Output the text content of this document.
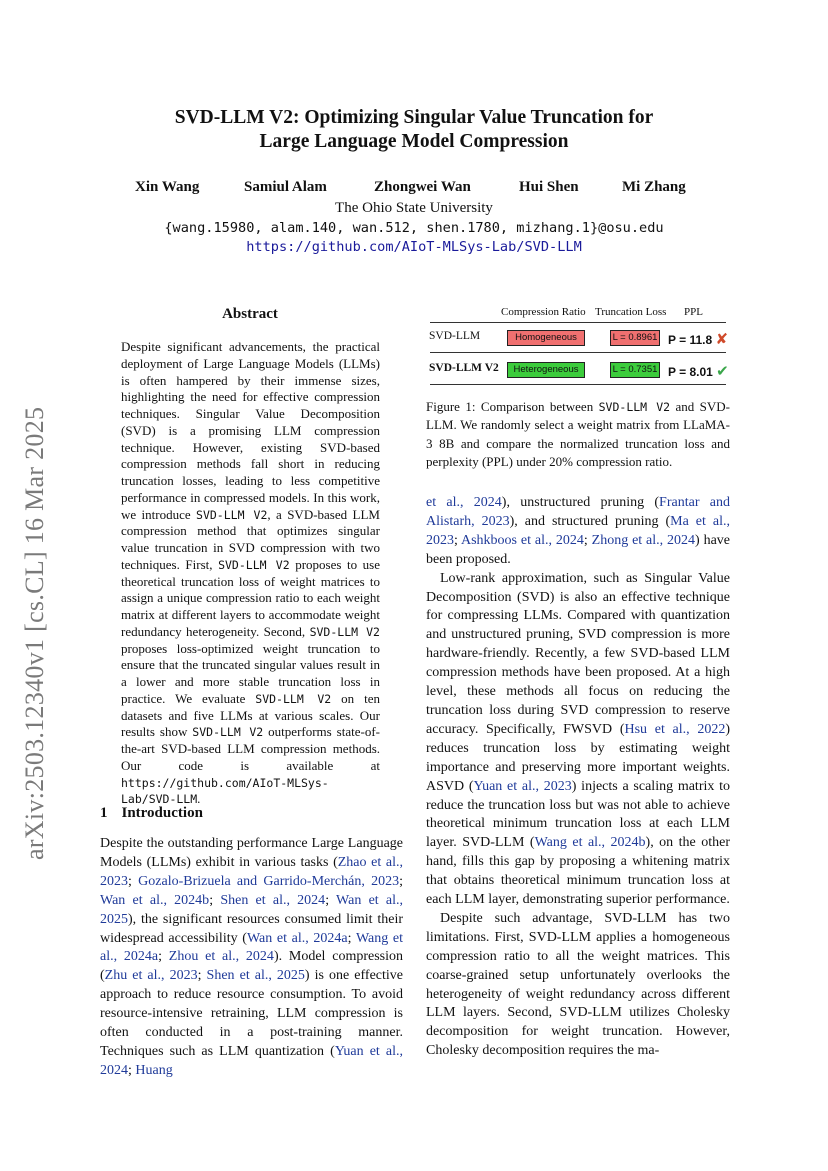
arXiv:2503.12340v1 [cs.CL] 16 Mar 2025
SVD-LLM V2: Optimizing Singular Value Truncation for
Large Language Model Compression
Xin Wang	Samiul Alam	Zhongwei Wan	Hui Shen	Mi Zhang
The Ohio State University
{wang.15980, alam.140, wan.512, shen.1780, mizhang.1}@osu.edu
https://github.com/AIoT-MLSys-Lab/SVD-LLM
Abstract
Despite significant advancements, the practical deployment of Large Language Models (LLMs) is often hampered by their immense sizes, highlighting the need for effective compression techniques. Singular Value Decomposition (SVD) is a promising LLM compression technique. However, existing SVD-based compression methods fall short in reducing truncation losses, leading to less competitive performance in compressed models. In this work, we introduce SVD-LLM V2, a SVD-based LLM compression method that optimizes singular value truncation in SVD compression with two techniques. First, SVD-LLM V2 proposes to use theoretical truncation loss of weight matrices to assign a unique compression ratio to each weight matrix at different layers to accommodate weight redundancy heterogeneity. Second, SVD-LLM V2 proposes loss-optimized weight truncation to ensure that the truncated singular values result in a lower and more stable truncation loss in practice. We evaluate SVD-LLM V2 on ten datasets and five LLMs at various scales. Our results show SVD-LLM V2 outperforms state-of-the-art SVD-based LLM compression methods. Our code is available at https://github.com/AIoT-MLSys-Lab/SVD-LLM.
1 Introduction

Despite the outstanding performance Large Language Models (LLMs) exhibit in various tasks (Zhao et al., 2023; Gozalo-Brizuela and Garrido-Merchán, 2023; Wan et al., 2024b; Shen et al., 2024; Wan et al., 2025), the significant resources consumed limit their widespread accessibility (Wan et al., 2024a; Wang et al., 2024a; Zhou et al., 2024). Model compression (Zhu et al., 2023; Shen et al., 2025) is one effective approach to reduce resource consumption. To avoid resource-intensive retraining, LLM compression is often conducted in a post-training manner. Techniques such as LLM quantization (Yuan et al., 2024; Huang

Compression Ratio Truncation Loss PPL
SVD-LLM	Homogeneous	L = 0.8961 P = 11.8 ✘
SVD-LLM V2	Heterogeneous	L = 0.7351 P = 8.01 ✔
Figure 1: Comparison between SVD-LLM V2 and SVD-LLM. We randomly select a weight matrix from LLaMA-3 8B and compare the normalized truncation loss and perplexity (PPL) under 20% compression ratio.

et al., 2024), unstructured pruning (Frantar and Alistarh, 2023), and structured pruning (Ma et al., 2023; Ashkboos et al., 2024; Zhong et al., 2024) have been proposed.

Low-rank approximation, such as Singular Value Decomposition (SVD) is also an effective technique for compressing LLMs. Compared with quantization and unstructured pruning, SVD compression is more hardware-friendly. Recently, a few SVD-based LLM compression methods have been proposed. At a high level, these methods all focus on reducing the truncation loss during SVD compression to reserve accuracy. Specifically, FWSVD (Hsu et al., 2022) reduces truncation loss by estimating weight importance and preserving more important weights. ASVD (Yuan et al., 2023) injects a scaling matrix to reduce the truncation loss but was not able to achieve theoretical minimum truncation loss at each LLM layer. SVD-LLM (Wang et al., 2024b), on the other hand, fills this gap by proposing a whitening matrix that obtains theoretical minimum truncation loss at each LLM layer, demonstrating superior performance.

Despite such advantage, SVD-LLM has two limitations. First, SVD-LLM applies a homogeneous compression ratio to all the weight matrices. This coarse-grained setup unfortunately overlooks the heterogeneity of weight redundancy across different LLM layers. Second, SVD-LLM utilizes Cholesky decomposition for weight truncation. However, Cholesky decomposition requires the ma-
